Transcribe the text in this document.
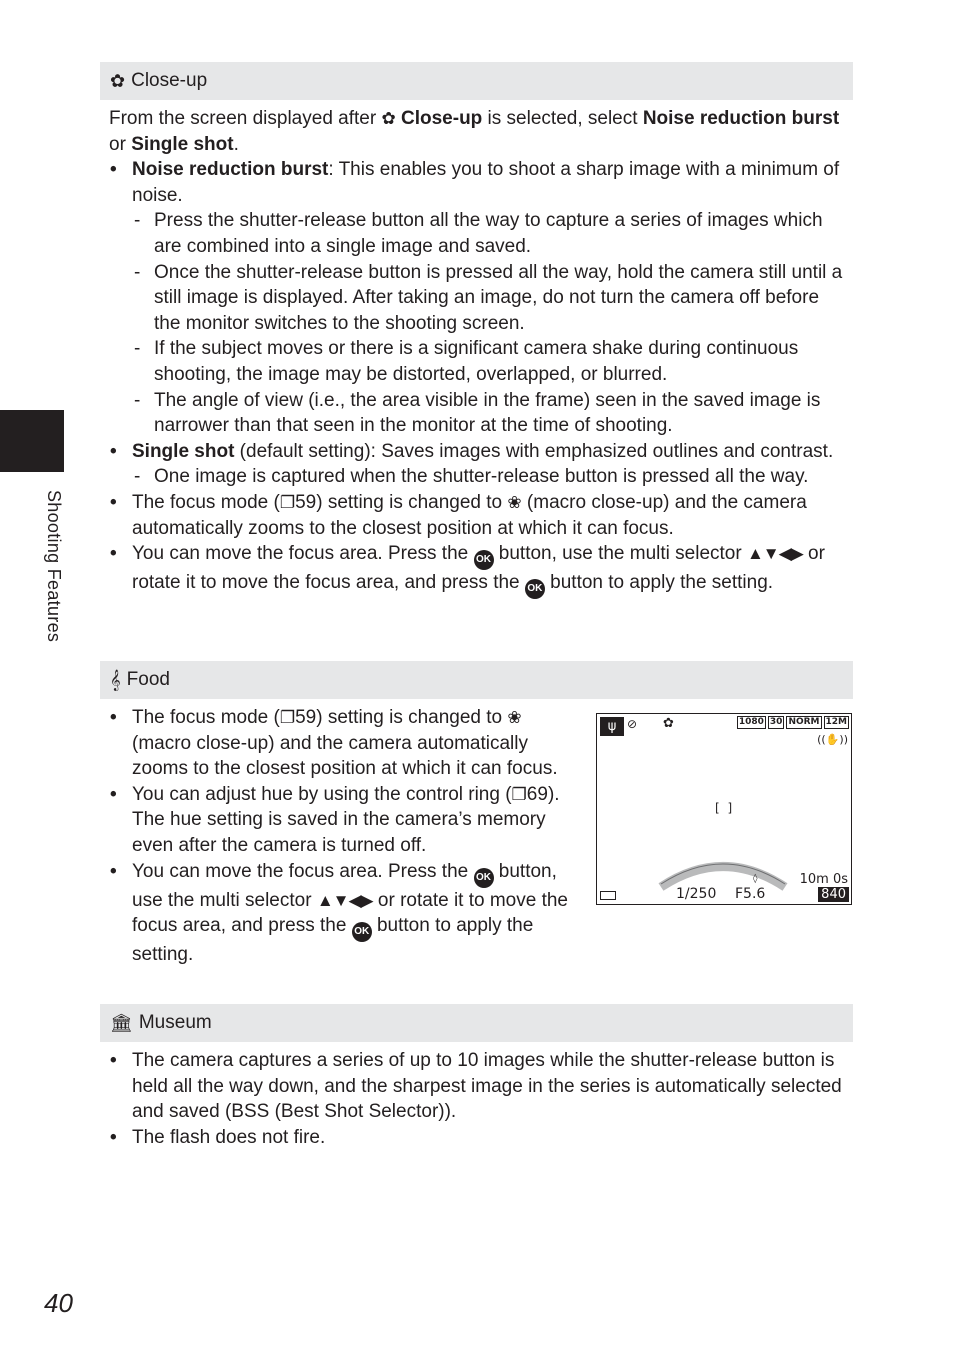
Shooting Features
✿ Close-up

From the screen displayed after ✿ Close-up is selected, select Noise reduction burst or Single shot.

• Noise reduction burst: This enables you to shoot a sharp image with a minimum of noise.
- Press the shutter-release button all the way to capture a series of images which are combined into a single image and saved.
- Once the shutter-release button is pressed all the way, hold the camera still until a still image is displayed. After taking an image, do not turn the camera off before the monitor switches to the shooting screen.
- If the subject moves or there is a significant camera shake during continuous shooting, the image may be distorted, overlapped, or blurred.
- The angle of view (i.e., the area visible in the frame) seen in the saved image is narrower than that seen in the monitor at the time of shooting.
• Single shot (default setting): Saves images with emphasized outlines and contrast.
- One image is captured when the shutter-release button is pressed all the way.
• The focus mode (❐59) setting is changed to ❀ (macro close-up) and the camera automatically zooms to the closest position at which it can focus.
• You can move the focus area. Press the OK button, use the multi selector ▲▼◀▶ or rotate it to move the focus area, and press the OK button to apply the setting.
𝄞 Food
• The focus mode (❐59) setting is changed to ❀ (macro close-up) and the camera automatically zooms to the closest position at which it can focus.
• You can adjust hue by using the control ring (❐69). The hue setting is saved in the camera’s memory even after the camera is turned off.
• You can move the focus area. Press the OK button, use the multi selector ▲▼◀▶ or rotate it to move the focus area, and press the OK button to apply the setting.
◊
ψ ⊘ ✿	1080 30 NORM 12M
((✋))
[ ]
1/250 F5.6
10m 0s
840
🏛 Museum
• The camera captures a series of up to 10 images while the shutter-release button is held all the way down, and the sharpest image in the series is automatically selected and saved (BSS (Best Shot Selector)).
• The flash does not fire.
40
